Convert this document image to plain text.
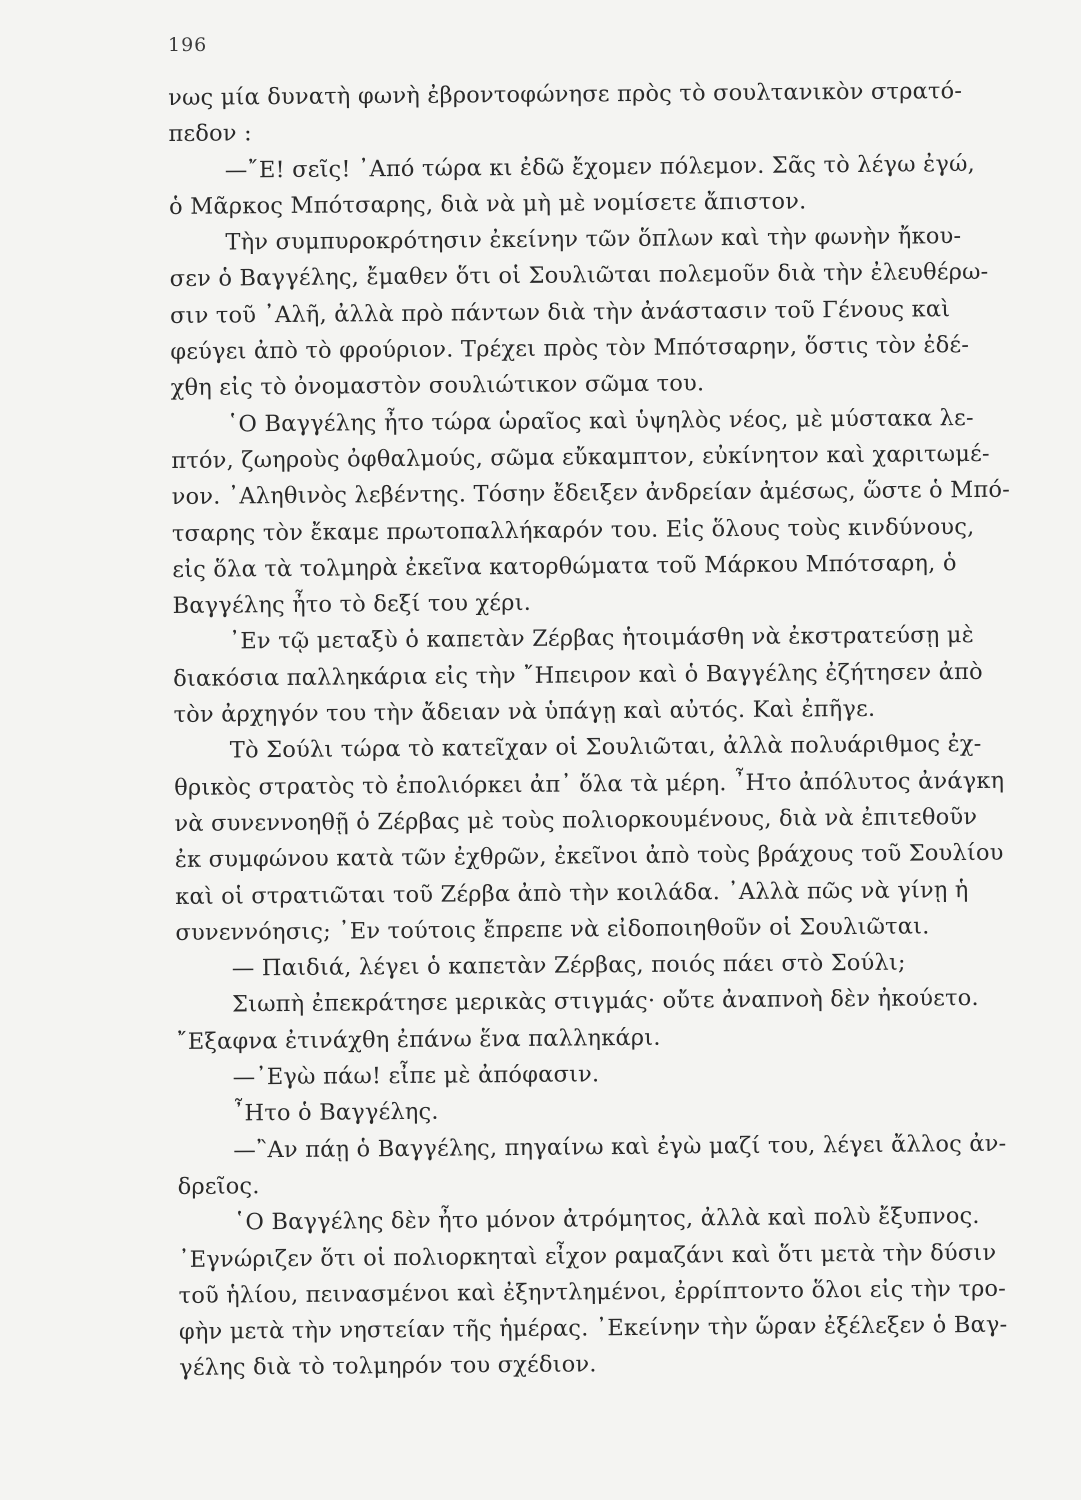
196
νως μία δυνατὴ φωνὴ ἐβροντοφώνησε πρὸς τὸ σουλτανικὸν στρατό-
πεδον :
—῎Ε! σεῖς! ᾿Από τώρα κι ἐδῶ ἔχομεν πόλεμον. Σᾶς τὸ λέγω ἐγώ,
ὁ Μᾶρκος Μπότσαρης, διὰ νὰ μὴ μὲ νομίσετε ἄπιστον.
Τὴν συμπυροκρότησιν ἐκείνην τῶν ὅπλων καὶ τὴν φωνὴν ἤκου-
σεν ὁ Βαγγέλης, ἔμαθεν ὅτι οἱ Σουλιῶται πολεμοῦν διὰ τὴν ἐλευθέρω-
σιν τοῦ ᾿Αλῆ, ἀλλὰ πρὸ πάντων διὰ τὴν ἀνάστασιν τοῦ Γένους καὶ
φεύγει ἀπὸ τὸ φρούριον. Τρέχει πρὸς τὸν Μπότσαρην, ὅστις τὸν ἐδέ-
χθη εἰς τὸ ὀνομαστὸν σουλιώτικον σῶμα του.
῾Ο Βαγγέλης ἦτο τώρα ὡραῖος καὶ ὑψηλὸς νέος, μὲ μύστακα λε-
πτόν, ζωηροὺς ὀφθαλμούς, σῶμα εὔκαμπτον, εὐκίνητον καὶ χαριτωμέ-
νον. ᾿Αληθινὸς λεβέντης. Τόσην ἔδειξεν ἀνδρείαν ἀμέσως, ὥστε ὁ Μπό-
τσαρης τὸν ἔκαμε πρωτοπαλλήκαρόν του. Εἰς ὅλους τοὺς κινδύνους,
εἰς ὅλα τὰ τολμηρὰ ἐκεῖνα κατορθώματα τοῦ Μάρκου Μπότσαρη, ὁ
Βαγγέλης ἦτο τὸ δεξί του χέρι.
᾿Εν τῷ μεταξὺ ὁ καπετὰν Ζέρβας ἡτοιμάσθη νὰ ἐκστρατεύσῃ μὲ
διακόσια παλληκάρια εἰς τὴν ῎Ηπειρον καὶ ὁ Βαγγέλης ἐζήτησεν ἀπὸ
τὸν ἀρχηγόν του τὴν ἄδειαν νὰ ὑπάγῃ καὶ αὐτός. Καὶ ἐπῆγε.
Τὸ Σούλι τώρα τὸ κατεῖχαν οἱ Σουλιῶται, ἀλλὰ πολυάριθμος ἐχ-
θρικὸς στρατὸς τὸ ἐπολιόρκει ἀπ᾿ ὅλα τὰ μέρη. ῏Ητο ἀπόλυτος ἀνάγκη
νὰ συνεννοηθῇ ὁ Ζέρβας μὲ τοὺς πολιορκουμένους, διὰ νὰ ἐπιτεθοῦν
ἐκ συμφώνου κατὰ τῶν ἐχθρῶν, ἐκεῖνοι ἀπὸ τοὺς βράχους τοῦ Σουλίου
καὶ οἱ στρατιῶται τοῦ Ζέρβα ἀπὸ τὴν κοιλάδα. ᾿Αλλὰ πῶς νὰ γίνῃ ἡ
συνεννόησις; ᾿Εν τούτοις ἔπρεπε νὰ εἰδοποιηθοῦν οἱ Σουλιῶται.
— Παιδιά, λέγει ὁ καπετὰν Ζέρβας, ποιός πάει στὸ Σούλι;
Σιωπὴ ἐπεκράτησε μερικὰς στιγμάς· οὔτε ἀναπνοὴ δὲν ἠκούετο.
῎Εξαφνα ἐτινάχθη ἐπάνω ἕνα παλληκάρι.
—᾿Εγὼ πάω! εἶπε μὲ ἀπόφασιν.
῏Ητο ὁ Βαγγέλης.
—῍Αν πάῃ ὁ Βαγγέλης, πηγαίνω καὶ ἐγὼ μαζί του, λέγει ἄλλος ἀν-
δρεῖος.
῾Ο Βαγγέλης δὲν ἦτο μόνον ἀτρόμητος, ἀλλὰ καὶ πολὺ ἔξυπνος.
᾿Εγνώριζεν ὅτι οἱ πολιορκηταὶ εἶχον ραμαζάνι καὶ ὅτι μετὰ τὴν δύσιν
τοῦ ἡλίου, πεινασμένοι καὶ ἐξηντλημένοι, ἐρρίπτοντο ὅλοι εἰς τὴν τρο-
φὴν μετὰ τὴν νηστείαν τῆς ἡμέρας. ᾿Εκείνην τὴν ὥραν ἐξέλεξεν ὁ Βαγ-
γέλης διὰ τὸ τολμηρόν του σχέδιον.
